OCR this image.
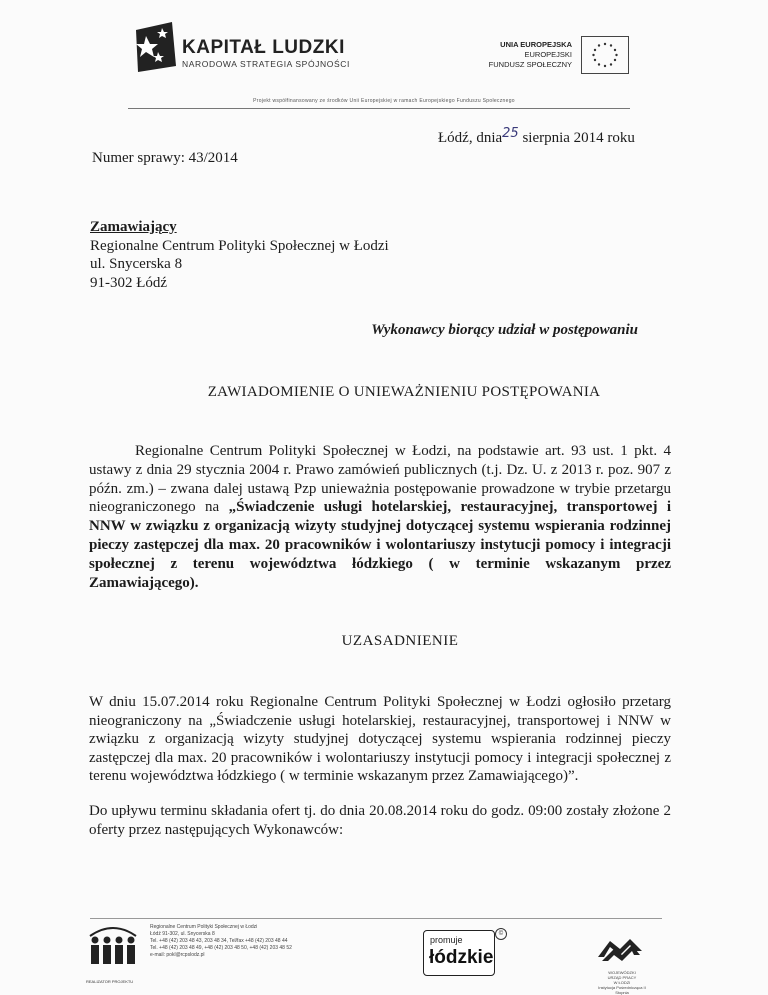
KAPITAŁ LUDZKI
NARODOWA STRATEGIA SPÓJNOŚCI
UNIA EUROPEJSKA
EUROPEJSKI
FUNDUSZ SPOŁECZNY
Projekt współfinansowany ze środków Unii Europejskiej w ramach Europejskiego Funduszu Społecznego
Łódź, dnia25 sierpnia 2014 roku
Numer sprawy: 43/2014
Zamawiający
Regionalne Centrum Polityki Społecznej w Łodzi
ul. Snycerska 8
91-302 Łódź
Wykonawcy biorący udział w postępowaniu
ZAWIADOMIENIE O UNIEWAŻNIENIU POSTĘPOWANIA
Regionalne Centrum Polityki Społecznej w Łodzi, na podstawie art. 93 ust. 1 pkt. 4 ustawy z dnia 29 stycznia 2004 r. Prawo zamówień publicznych (t.j. Dz. U. z 2013 r. poz. 907 z późn. zm.) – zwana dalej ustawą Pzp unieważnia postępowanie prowadzone w trybie przetargu nieograniczonego na „Świadczenie usługi hotelarskiej, restauracyjnej, transportowej i NNW w związku z organizacją wizyty studyjnej dotyczącej systemu wspierania rodzinnej pieczy zastępczej dla max. 20 pracowników i wolontariuszy instytucji pomocy i integracji społecznej z terenu województwa łódzkiego ( w terminie wskazanym przez Zamawiającego).
UZASADNIENIE
W dniu 15.07.2014 roku Regionalne Centrum Polityki Społecznej w Łodzi ogłosiło przetarg nieograniczony na „Świadczenie usługi hotelarskiej, restauracyjnej, transportowej i NNW w związku z organizacją wizyty studyjnej dotyczącej systemu wspierania rodzinnej pieczy zastępczej dla max. 20 pracowników i wolontariuszy instytucji pomocy i integracji społecznej z terenu województwa łódzkiego ( w terminie wskazanym przez Zamawiającego)”.
Do upływu terminu składania ofert tj. do dnia 20.08.2014 roku do godz. 09:00 zostały złożone 2 oferty przez następujących Wykonawców:
REALIZATOR PROJEKTU
Regionalne Centrum Polityki Społecznej w Łodzi
Łódź 91-302, ul. Snycerska 8
Tel. +48 (42) 203 48 43, 203 48 34, Tel/fax +48 (42) 203 48 44
Tel. +48 (42) 203 48 49, +48 (42) 203 48 50, +48 (42) 203 48 52
e-mail: pokl@rcpslodz.pl
promuje
łódzkie
©
WOJEWÓDZKI
URZĄD PRACY
W ŁODZI
Instytucja Pośrednicząca II Stopnia
